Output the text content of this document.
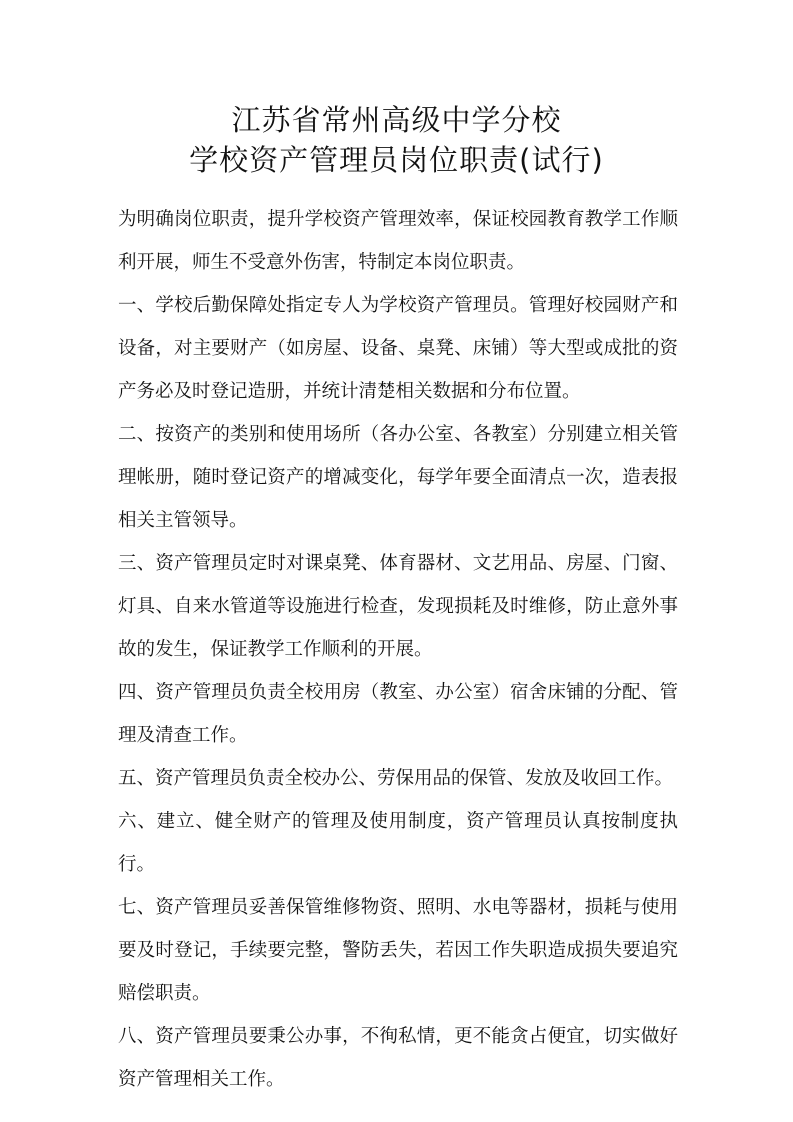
江苏省常州高级中学分校
学校资产管理员岗位职责(试行)

为明确岗位职责，提升学校资产管理效率，保证校园教育教学工作顺利开展，师生不受意外伤害，特制定本岗位职责。

一、学校后勤保障处指定专人为学校资产管理员。管理好校园财产和设备，对主要财产（如房屋、设备、桌凳、床铺）等大型或成批的资产务必及时登记造册，并统计清楚相关数据和分布位置。

二、按资产的类别和使用场所（各办公室、各教室）分别建立相关管理帐册，随时登记资产的增减变化，每学年要全面清点一次，造表报相关主管领导。

三、资产管理员定时对课桌凳、体育器材、文艺用品、房屋、门窗、灯具、自来水管道等设施进行检查，发现损耗及时维修，防止意外事故的发生，保证教学工作顺利的开展。

四、资产管理员负责全校用房（教室、办公室）宿舍床铺的分配、管理及清查工作。

五、资产管理员负责全校办公、劳保用品的保管、发放及收回工作。

六、建立、健全财产的管理及使用制度，资产管理员认真按制度执行。

七、资产管理员妥善保管维修物资、照明、水电等器材，损耗与使用要及时登记，手续要完整，警防丢失，若因工作失职造成损失要追究赔偿职责。

八、资产管理员要秉公办事，不徇私情，更不能贪占便宜，切实做好资产管理相关工作。
